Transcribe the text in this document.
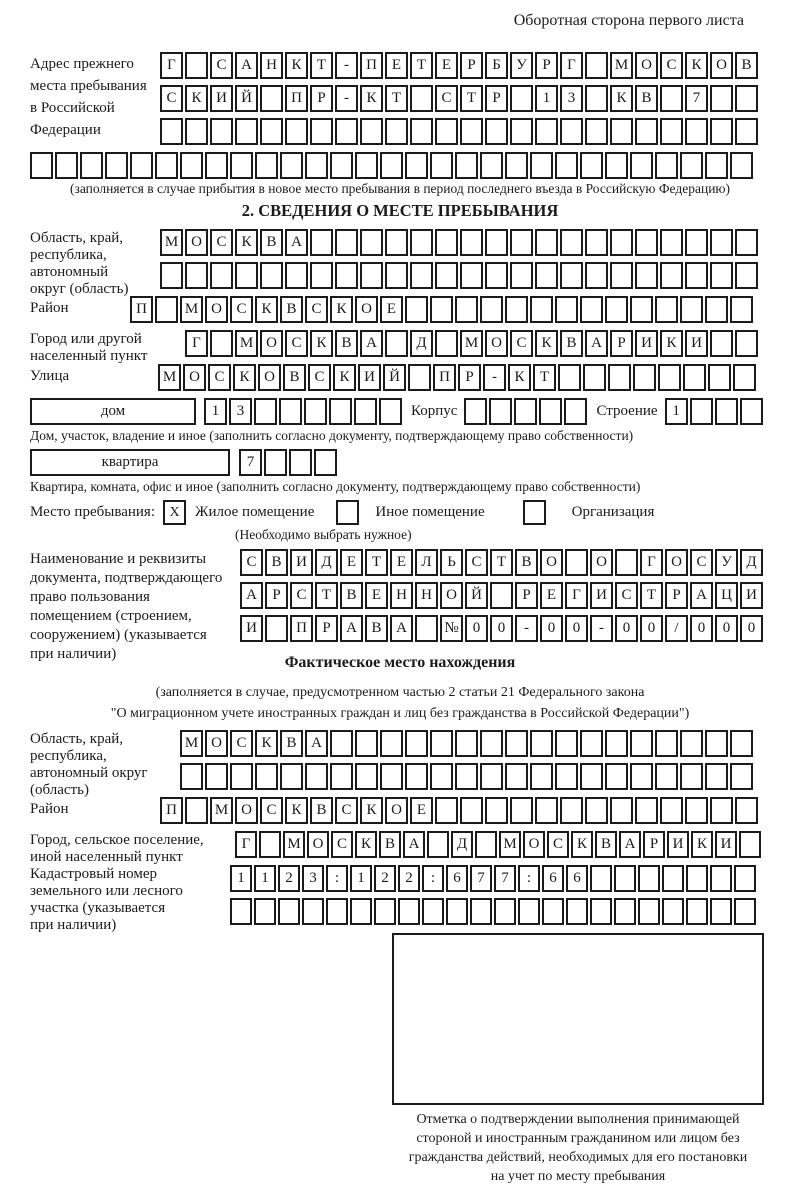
Оборотная сторона первого листа
Адрес прежнего
места пребывания
в Российской
Федерации
Г	С А Н К	Т	-	П Е	Т	Е	Р	Б	У	Р	Г	М О С К О В
С К И Й	П	Р	-	К	Т	С	Т	Р	1	3	К В	7
(заполняется в случае прибытия в новое место пребывания в период последнего въезда в Российскую Федерацию)
2. СВЕДЕНИЯ О МЕСТЕ ПРЕБЫВАНИЯ
Область, край,
республика,
автономный
округ (область)
М О С К В А
Район	П	М О С К В С К О Е
Город или другой
населенный пункт
Г	М О С К В А	Д	М О С К В А	Р	И К И
Улица	М О С К О В С К И Й	П	Р	-	К	Т
дом	1	3	Корпус	Строение 1
Дом, участок, владение и иное (заполнить согласно документу, подтверждающему право собственности)
квартира	7
Квартира, комната, офис и иное (заполнить согласно документу, подтверждающему право собственности)
Место пребывания:	X	Жилое помещение	Иное помещение	Организация
(Необходимо выбрать нужное)
Наименование и реквизиты
документа, подтверждающего
право пользования
помещением (строением,
сооружением) (указывается
при наличии)
С В И Д	Е	Т	Е	Л	Ь	С	Т	В О	О	Г	О С У Д
А	Р	С	Т	В	Е	Н Н О Й	Р	Е	Г	И С	Т	Р	А Ц И
И	П	Р	А В А	№ 0	0	-	0	0	-	0	0	/	0	0	0
Фактическое место нахождения
(заполняется в случае, предусмотренном частью 2 статьи 21 Федерального закона
"О миграционном учете иностранных граждан и лиц без гражданства в Российской Федерации")
Область, край,
республика,
автономный округ
(область)
М О С К В А
Район	П	М О С К В С К О Е
Город, сельское поселение,
иной населенный пункт
Г	М О С К В А	Д	М О С К В А Р И К И
Кадастровый номер
земельного или лесного
участка (указывается
при наличии)
1	1	2	3	:	1	2	2	:	6	7	7	:	6	6
Отметка о подтверждении выполнения принимающей
стороной и иностранным гражданином или лицом без
гражданства действий, необходимых для его постановки
на учет по месту пребывания
